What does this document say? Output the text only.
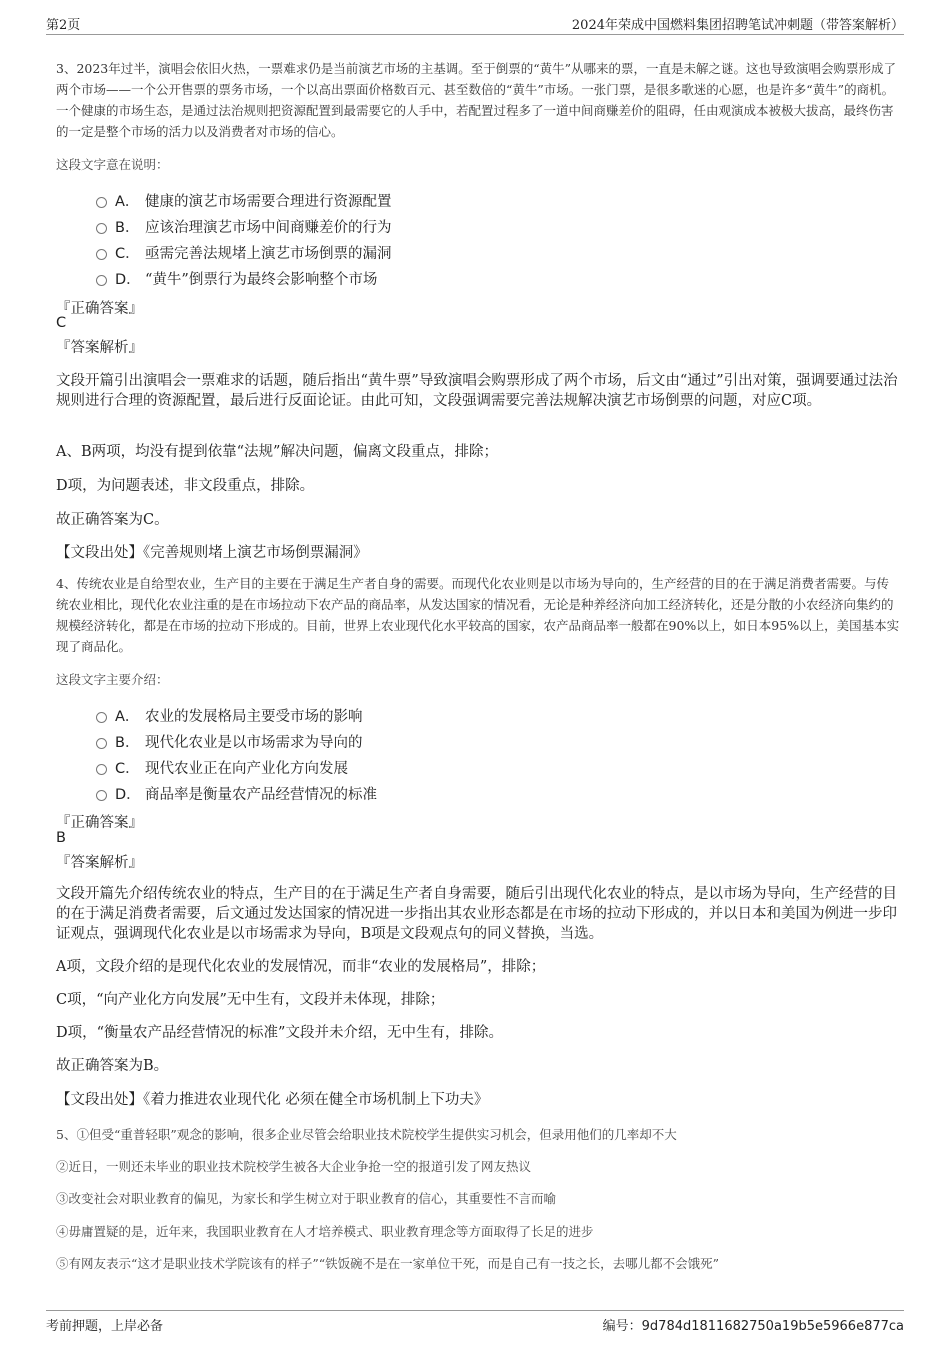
第2页	2024年荣成中国燃料集团招聘笔试冲刺题（带答案解析）

3、2023年过半，演唱会依旧火热，一票难求仍是当前演艺市场的主基调。至于倒票的“黄牛”从哪来的票，一直是未解之谜。这也导致演唱会购票形成了两个市场——一个公开售票的票务市场，一个以高出票面价格数百元、甚至数倍的“黄牛”市场。一张门票，是很多歌迷的心愿，也是许多“黄牛”的商机。一个健康的市场生态，是通过法治规则把资源配置到最需要它的人手中，若配置过程多了一道中间商赚差价的阻碍，任由观演成本被极大拔高，最终伤害的一定是整个市场的活力以及消费者对市场的信心。

这段文字意在说明：
A． 健康的演艺市场需要合理进行资源配置
B． 应该治理演艺市场中间商赚差价的行为
C． 亟需完善法规堵上演艺市场倒票的漏洞
D． “黄牛”倒票行为最终会影响整个市场
『正确答案』
C
『答案解析』

文段开篇引出演唱会一票难求的话题，随后指出“黄牛票”导致演唱会购票形成了两个市场，后文由“通过”引出对策，强调要通过法治规则进行合理的资源配置，最后进行反面论证。由此可知，文段强调需要完善法规解决演艺市场倒票的问题，对应C项。

A、B两项，均没有提到依靠“法规”解决问题，偏离文段重点，排除；
D项，为问题表述，非文段重点，排除。
故正确答案为C。
【文段出处】《完善规则堵上演艺市场倒票漏洞》

4、传统农业是自给型农业，生产目的主要在于满足生产者自身的需要。而现代化农业则是以市场为导向的，生产经营的目的在于满足消费者需要。与传统农业相比，现代化农业注重的是在市场拉动下农产品的商品率，从发达国家的情况看，无论是种养经济向加工经济转化，还是分散的小农经济向集约的规模经济转化，都是在市场的拉动下形成的。目前，世界上农业现代化水平较高的国家，农产品商品率一般都在90%以上，如日本95%以上，美国基本实现了商品化。

这段文字主要介绍：
A． 农业的发展格局主要受市场的影响
B． 现代化农业是以市场需求为导向的
C． 现代农业正在向产业化方向发展
D． 商品率是衡量农产品经营情况的标准
『正确答案』
B
『答案解析』

文段开篇先介绍传统农业的特点，生产目的在于满足生产者自身需要，随后引出现代化农业的特点，是以市场为导向，生产经营的目的在于满足消费者需要，后文通过发达国家的情况进一步指出其农业形态都是在市场的拉动下形成的，并以日本和美国为例进一步印证观点，强调现代化农业是以市场需求为导向，B项是文段观点句的同义替换，当选。

A项，文段介绍的是现代化农业的发展情况，而非“农业的发展格局”，排除；
C项，“向产业化方向发展”无中生有，文段并未体现，排除；
D项，“衡量农产品经营情况的标准”文段并未介绍，无中生有，排除。
故正确答案为B。
【文段出处】《着力推进农业现代化 必须在健全市场机制上下功夫》
5、①但受“重普轻职”观念的影响，很多企业尽管会给职业技术院校学生提供实习机会，但录用他们的几率却不大
②近日，一则还未毕业的职业技术院校学生被各大企业争抢一空的报道引发了网友热议
③改变社会对职业教育的偏见，为家长和学生树立对于职业教育的信心，其重要性不言而喻
④毋庸置疑的是，近年来，我国职业教育在人才培养模式、职业教育理念等方面取得了长足的进步
⑤有网友表示“这才是职业技术学院该有的样子”“铁饭碗不是在一家单位干死，而是自己有一技之长，去哪儿都不会饿死”
考前押题，上岸必备	编号：9d784d1811682750a19b5e5966e877ca
